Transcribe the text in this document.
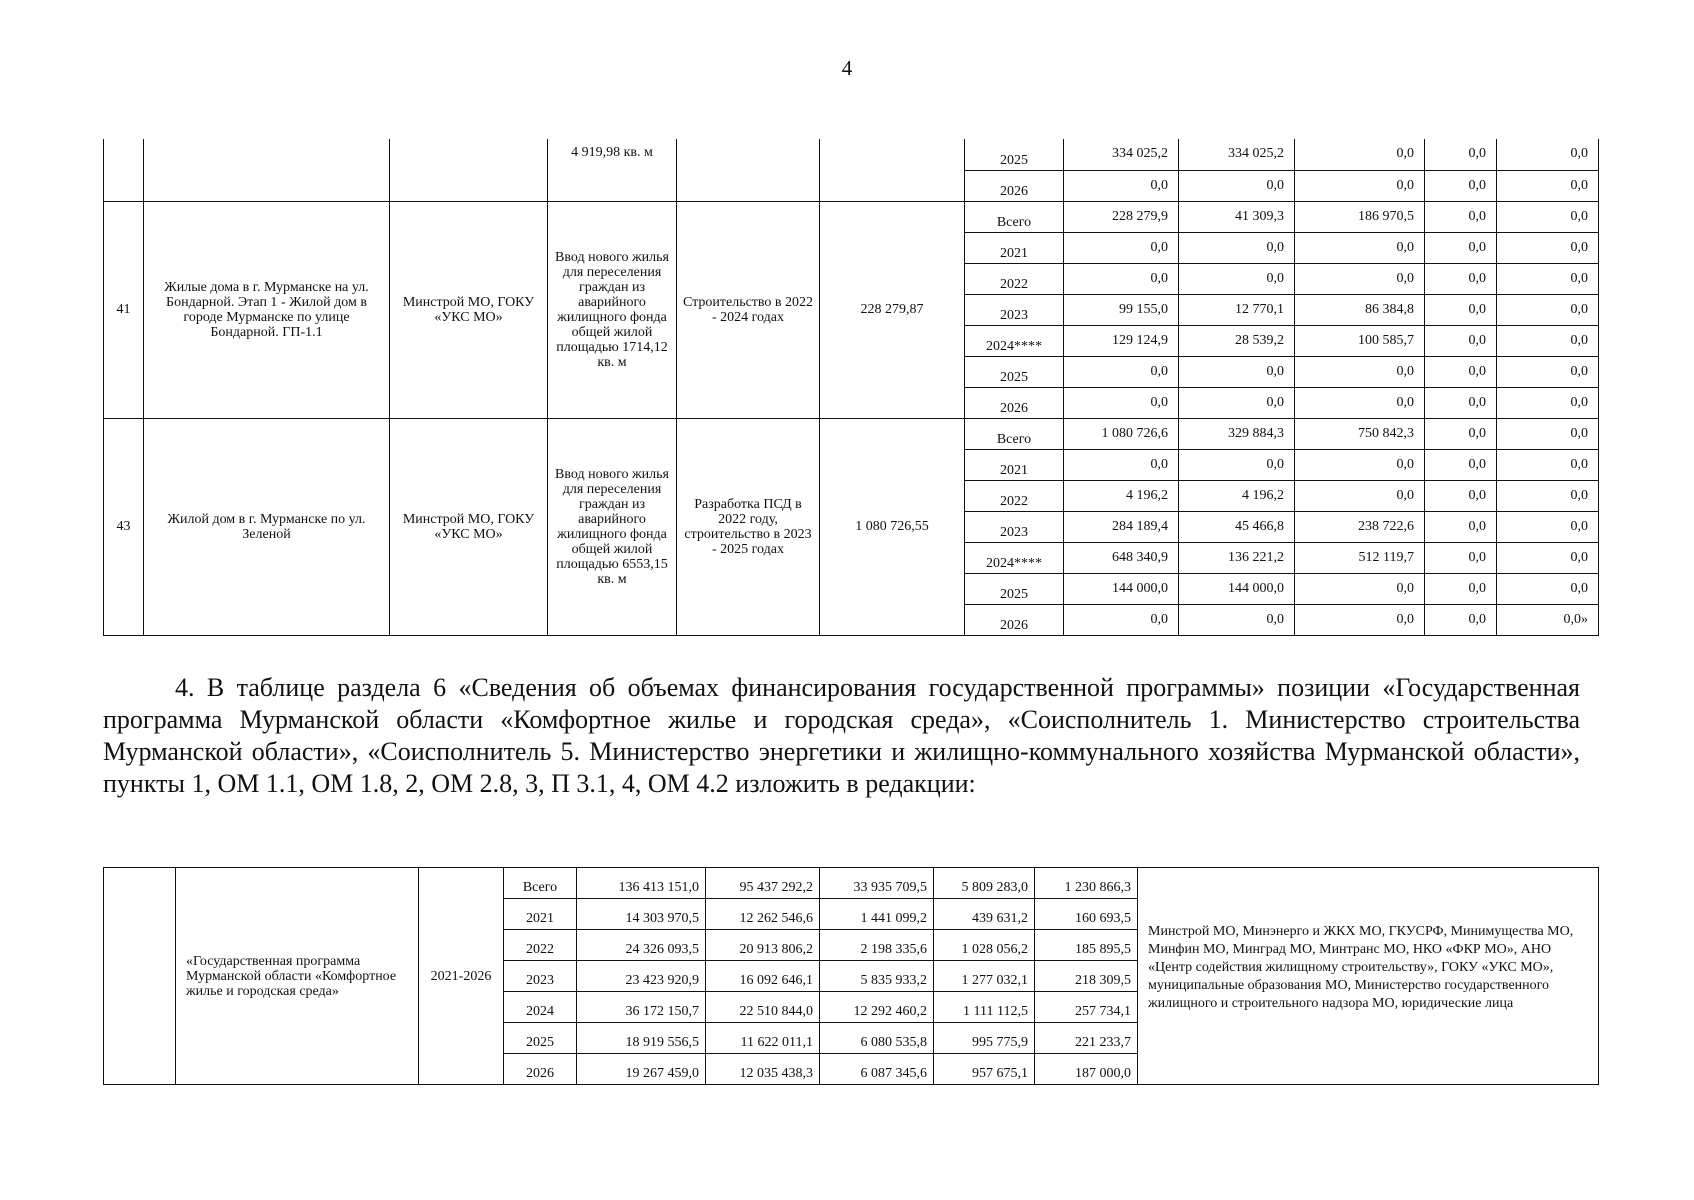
4
			4 919,98 кв. м			2025	334 025,2	334 025,2	0,0	0,0	0,0
						2026	0,0	0,0	0,0	0,0	0,0
41	Жилые дома в г. Мурманске на ул. Бондарной. Этап 1 - Жилой дом в городе Мурманске по улице Бондарной. ГП-1.1	Минстрой МО, ГОКУ «УКС МО»	Ввод нового жилья для переселения граждан из аварийного жилищного фонда общей жилой площадью 1714,12 кв. м	Строительство в 2022 - 2024 годах	228 279,87	Всего	228 279,9	41 309,3	186 970,5	0,0	0,0
						2021	0,0	0,0	0,0	0,0	0,0
						2022	0,0	0,0	0,0	0,0	0,0
						2023	99 155,0	12 770,1	86 384,8	0,0	0,0
						2024****	129 124,9	28 539,2	100 585,7	0,0	0,0
						2025	0,0	0,0	0,0	0,0	0,0
						2026	0,0	0,0	0,0	0,0	0,0
43	Жилой дом в г. Мурманске по ул. Зеленой	Минстрой МО, ГОКУ «УКС МО»	Ввод нового жилья для переселения граждан из аварийного жилищного фонда общей жилой площадью 6553,15 кв. м	Разработка ПСД в 2022 году, строительство в 2023 - 2025 годах	1 080 726,55	Всего	1 080 726,6	329 884,3	750 842,3	0,0	0,0
						2021	0,0	0,0	0,0	0,0	0,0
						2022	4 196,2	4 196,2	0,0	0,0	0,0
						2023	284 189,4	45 466,8	238 722,6	0,0	0,0
						2024****	648 340,9	136 221,2	512 119,7	0,0	0,0
						2025	144 000,0	144 000,0	0,0	0,0	0,0
						2026	0,0	0,0	0,0	0,0	0,0»

4. В таблице раздела 6 «Сведения об объемах финансирования государственной программы» позиции «Государственная программа Мурманской области «Комфортное жилье и городская среда», «Соисполнитель 1. Министерство строительства Мурманской области», «Соисполнитель 5. Министерство энергетики и жилищно-коммунального хозяйства Мурманской области», пункты 1, ОМ 1.1, ОМ 1.8, 2, ОМ 2.8, 3, П 3.1, 4, ОМ 4.2 изложить в редакции:

	«Государственная программа Мурманской области «Комфортное жилье и городская среда»	2021-2026	Всего	136 413 151,0	95 437 292,2	33 935 709,5	5 809 283,0	1 230 866,3	Минстрой МО, Минэнерго и ЖКХ МО, ГКУСРФ, Минимущества МО, Минфин МО, Минград МО, Минтранс МО, НКО «ФКР МО», АНО «Центр содействия жилищному строительству», ГОКУ «УКС МО», муниципальные образования МО, Министерство государственного жилищного и строительного надзора МО, юридические лица
			2021	14 303 970,5	12 262 546,6	1 441 099,2	439 631,2	160 693,5	
			2022	24 326 093,5	20 913 806,2	2 198 335,6	1 028 056,2	185 895,5	
			2023	23 423 920,9	16 092 646,1	5 835 933,2	1 277 032,1	218 309,5	
			2024	36 172 150,7	22 510 844,0	12 292 460,2	1 111 112,5	257 734,1	
			2025	18 919 556,5	11 622 011,1	6 080 535,8	995 775,9	221 233,7	
			2026	19 267 459,0	12 035 438,3	6 087 345,6	957 675,1	187 000,0	
